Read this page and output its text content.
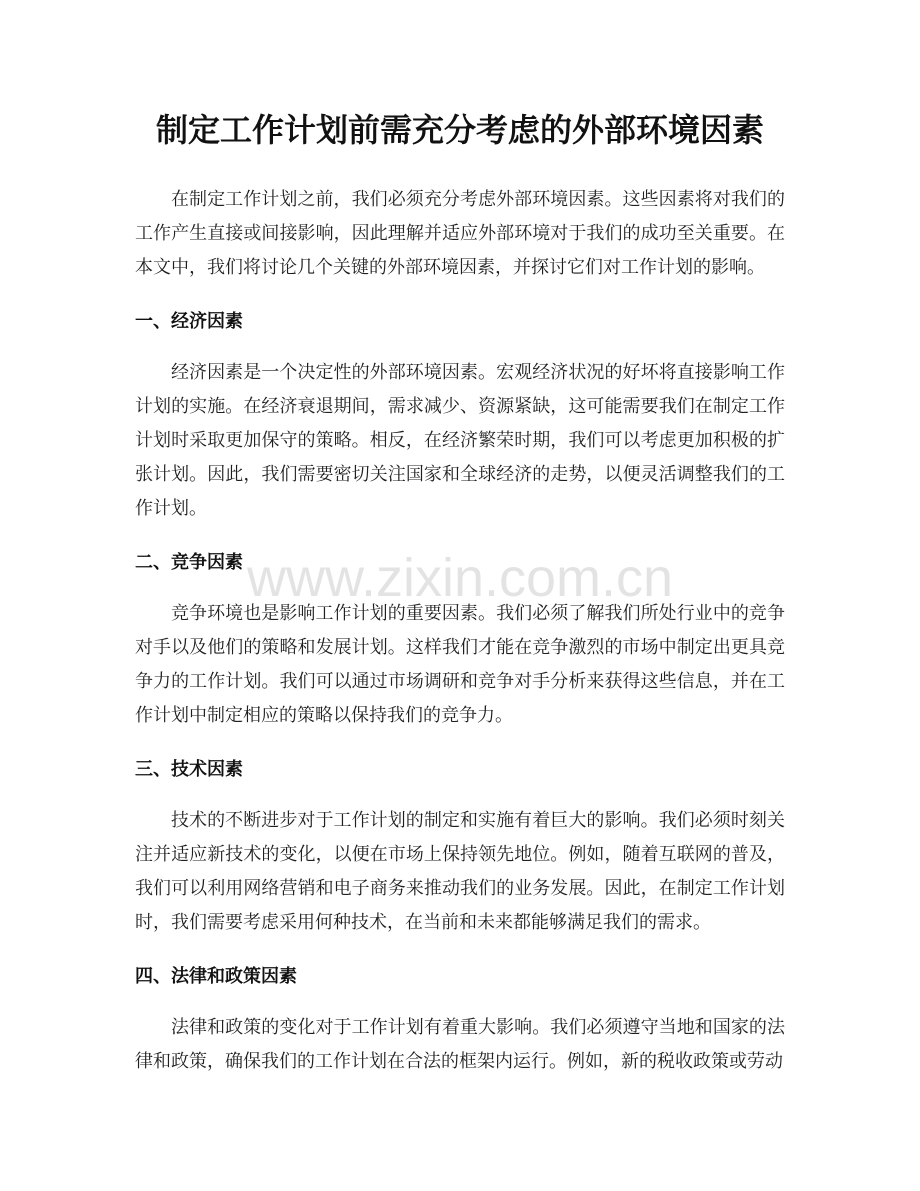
制定工作计划前需充分考虑的外部环境因素

在制定工作计划之前，我们必须充分考虑外部环境因素。这些因素将对我们的工作产生直接或间接影响，因此理解并适应外部环境对于我们的成功至关重要。在本文中，我们将讨论几个关键的外部环境因素，并探讨它们对工作计划的影响。

一、经济因素

经济因素是一个决定性的外部环境因素。宏观经济状况的好坏将直接影响工作计划的实施。在经济衰退期间，需求减少、资源紧缺，这可能需要我们在制定工作计划时采取更加保守的策略。相反，在经济繁荣时期，我们可以考虑更加积极的扩张计划。因此，我们需要密切关注国家和全球经济的走势，以便灵活调整我们的工作计划。

二、竞争因素

竞争环境也是影响工作计划的重要因素。我们必须了解我们所处行业中的竞争对手以及他们的策略和发展计划。这样我们才能在竞争激烈的市场中制定出更具竞争力的工作计划。我们可以通过市场调研和竞争对手分析来获得这些信息，并在工作计划中制定相应的策略以保持我们的竞争力。

三、技术因素

技术的不断进步对于工作计划的制定和实施有着巨大的影响。我们必须时刻关注并适应新技术的变化，以便在市场上保持领先地位。例如，随着互联网的普及，我们可以利用网络营销和电子商务来推动我们的业务发展。因此，在制定工作计划时，我们需要考虑采用何种技术，在当前和未来都能够满足我们的需求。

四、法律和政策因素

法律和政策的变化对于工作计划有着重大影响。我们必须遵守当地和国家的法律和政策，确保我们的工作计划在合法的框架内运行。例如，新的税收政策或劳动

www.zixin.com.cn
